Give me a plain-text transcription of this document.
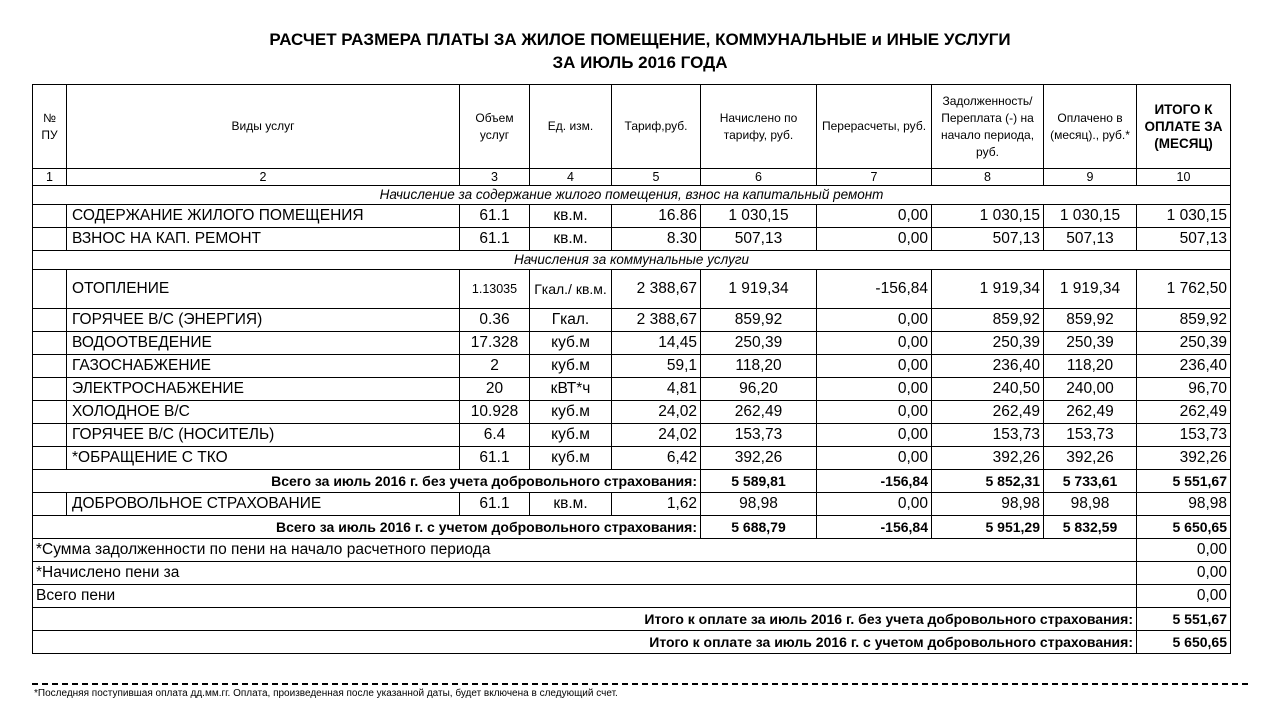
РАСЧЕТ РАЗМЕРА ПЛАТЫ ЗА ЖИЛОЕ ПОМЕЩЕНИЕ, КОММУНАЛЬНЫЕ и ИНЫЕ УСЛУГИ
ЗА ИЮЛЬ 2016 ГОДА
№ ПУ	Виды услуг	Объем услуг	Ед. изм.	Тариф,руб.	Начислено по тарифу, руб.	Перерасчеты, руб.	Задолженность/ Переплата (-) на начало периода, руб.	Оплачено в (месяц)., руб.*	ИТОГО К ОПЛАТЕ ЗА (МЕСЯЦ)
1	2	3	4	5	6	7	8	9	10
Начисление за содержание жилого помещения, взнос на капитальный ремонт									
	СОДЕРЖАНИЕ ЖИЛОГО ПОМЕЩЕНИЯ	61.1	кв.м.	16.86	1 030,15	0,00	1 030,15	1 030,15	1 030,15
	ВЗНОС НА КАП. РЕМОНТ	61.1	кв.м.	8.30	507,13	0,00	507,13	507,13	507,13
Начисления за коммунальные услуги									
	ОТОПЛЕНИЕ	1.13035	Гкал./ кв.м.	2 388,67	1 919,34	-156,84	1 919,34	1 919,34	1 762,50
	ГОРЯЧЕЕ В/С (ЭНЕРГИЯ)	0.36	Гкал.	2 388,67	859,92	0,00	859,92	859,92	859,92
	ВОДООТВЕДЕНИЕ	17.328	куб.м	14,45	250,39	0,00	250,39	250,39	250,39
	ГАЗОСНАБЖЕНИЕ	2	куб.м	59,1	118,20	0,00	236,40	118,20	236,40
	ЭЛЕКТРОСНАБЖЕНИЕ	20	кВТ*ч	4,81	96,20	0,00	240,50	240,00	96,70
	ХОЛОДНОЕ В/С	10.928	куб.м	24,02	262,49	0,00	262,49	262,49	262,49
	ГОРЯЧЕЕ В/С (НОСИТЕЛЬ)	6.4	куб.м	24,02	153,73	0,00	153,73	153,73	153,73
	*ОБРАЩЕНИЕ С ТКО	61.1	куб.м	6,42	392,26	0,00	392,26	392,26	392,26
Всего за июль 2016 г. без учета добровольного страхования:					5 589,81	-156,84	5 852,31	5 733,61	5 551,67
	ДОБРОВОЛЬНОЕ СТРАХОВАНИЕ	61.1	кв.м.	1,62	98,98	0,00	98,98	98,98	98,98
Всего за июль 2016 г. с учетом добровольного страхования:					5 688,79	-156,84	5 951,29	5 832,59	5 650,65
*Сумма задолженности по пени на начало расчетного периода									0,00
*Начислено пени за									0,00
Всего пени									0,00
Итого к оплате за июль 2016 г. без учета добровольного страхования:									5 551,67
Итого к оплате за июль 2016 г. с учетом добровольного страхования:									5 650,65
*Последняя поступившая оплата дд.мм.гг. Оплата, произведенная после указанной даты, будет включена в следующий счет.
